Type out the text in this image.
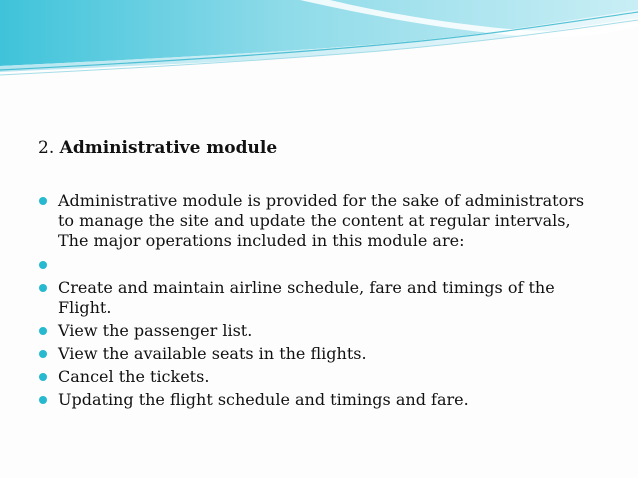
2. Administrative module
Administrative module is provided for the sake of administrators
to manage the site and update the content at regular intervals,
The major operations included in this module are:
Create and maintain airline schedule, fare and timings of the
Flight.
View the passenger list.
View the available seats in the flights.
Cancel the tickets.
Updating the flight schedule and timings and fare.
